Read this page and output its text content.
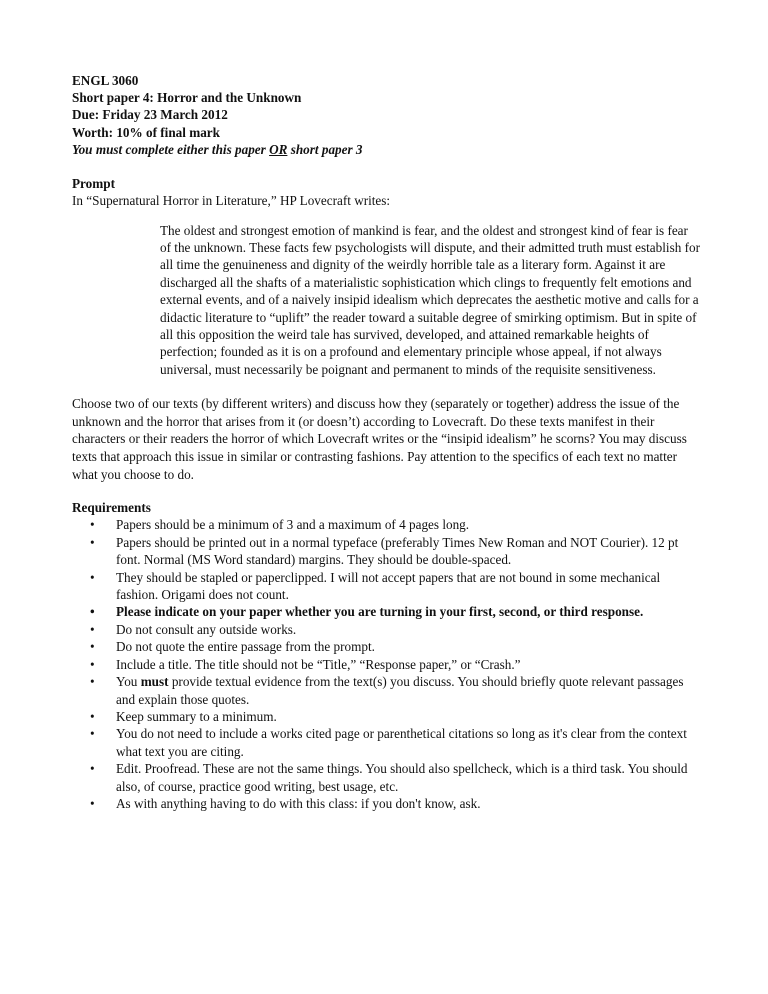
ENGL 3060
Short paper 4: Horror and the Unknown
Due: Friday 23 March 2012
Worth: 10% of final mark
You must complete either this paper OR short paper 3
Prompt
In “Supernatural Horror in Literature,” HP Lovecraft writes:
The oldest and strongest emotion of mankind is fear, and the oldest and strongest kind of fear is fear of the unknown. These facts few psychologists will dispute, and their admitted truth must establish for all time the genuineness and dignity of the weirdly horrible tale as a literary form. Against it are discharged all the shafts of a materialistic sophistication which clings to frequently felt emotions and external events, and of a naively insipid idealism which deprecates the aesthetic motive and calls for a didactic literature to “uplift” the reader toward a suitable degree of smirking optimism. But in spite of all this opposition the weird tale has survived, developed, and attained remarkable heights of perfection; founded as it is on a profound and elementary principle whose appeal, if not always universal, must necessarily be poignant and permanent to minds of the requisite sensitiveness.
Choose two of our texts (by different writers) and discuss how they (separately or together) address the issue of the unknown and the horror that arises from it (or doesn’t) according to Lovecraft. Do these texts manifest in their characters or their readers the horror of which Lovecraft writes or the “insipid idealism” he scorns? You may discuss texts that approach this issue in similar or contrasting fashions. Pay attention to the specifics of each text no matter what you choose to do.
Requirements
• Papers should be a minimum of 3 and a maximum of 4 pages long.
• Papers should be printed out in a normal typeface (preferably Times New Roman and NOT Courier). 12 pt font. Normal (MS Word standard) margins. They should be double-spaced.
• They should be stapled or paperclipped. I will not accept papers that are not bound in some mechanical fashion. Origami does not count.
• Please indicate on your paper whether you are turning in your first, second, or third response.
• Do not consult any outside works.
• Do not quote the entire passage from the prompt.
• Include a title. The title should not be “Title,” “Response paper,” or “Crash.”
• You must provide textual evidence from the text(s) you discuss. You should briefly quote relevant passages and explain those quotes.
• Keep summary to a minimum.
• You do not need to include a works cited page or parenthetical citations so long as it's clear from the context what text you are citing.
• Edit. Proofread. These are not the same things. You should also spellcheck, which is a third task. You should also, of course, practice good writing, best usage, etc.
• As with anything having to do with this class: if you don't know, ask.
